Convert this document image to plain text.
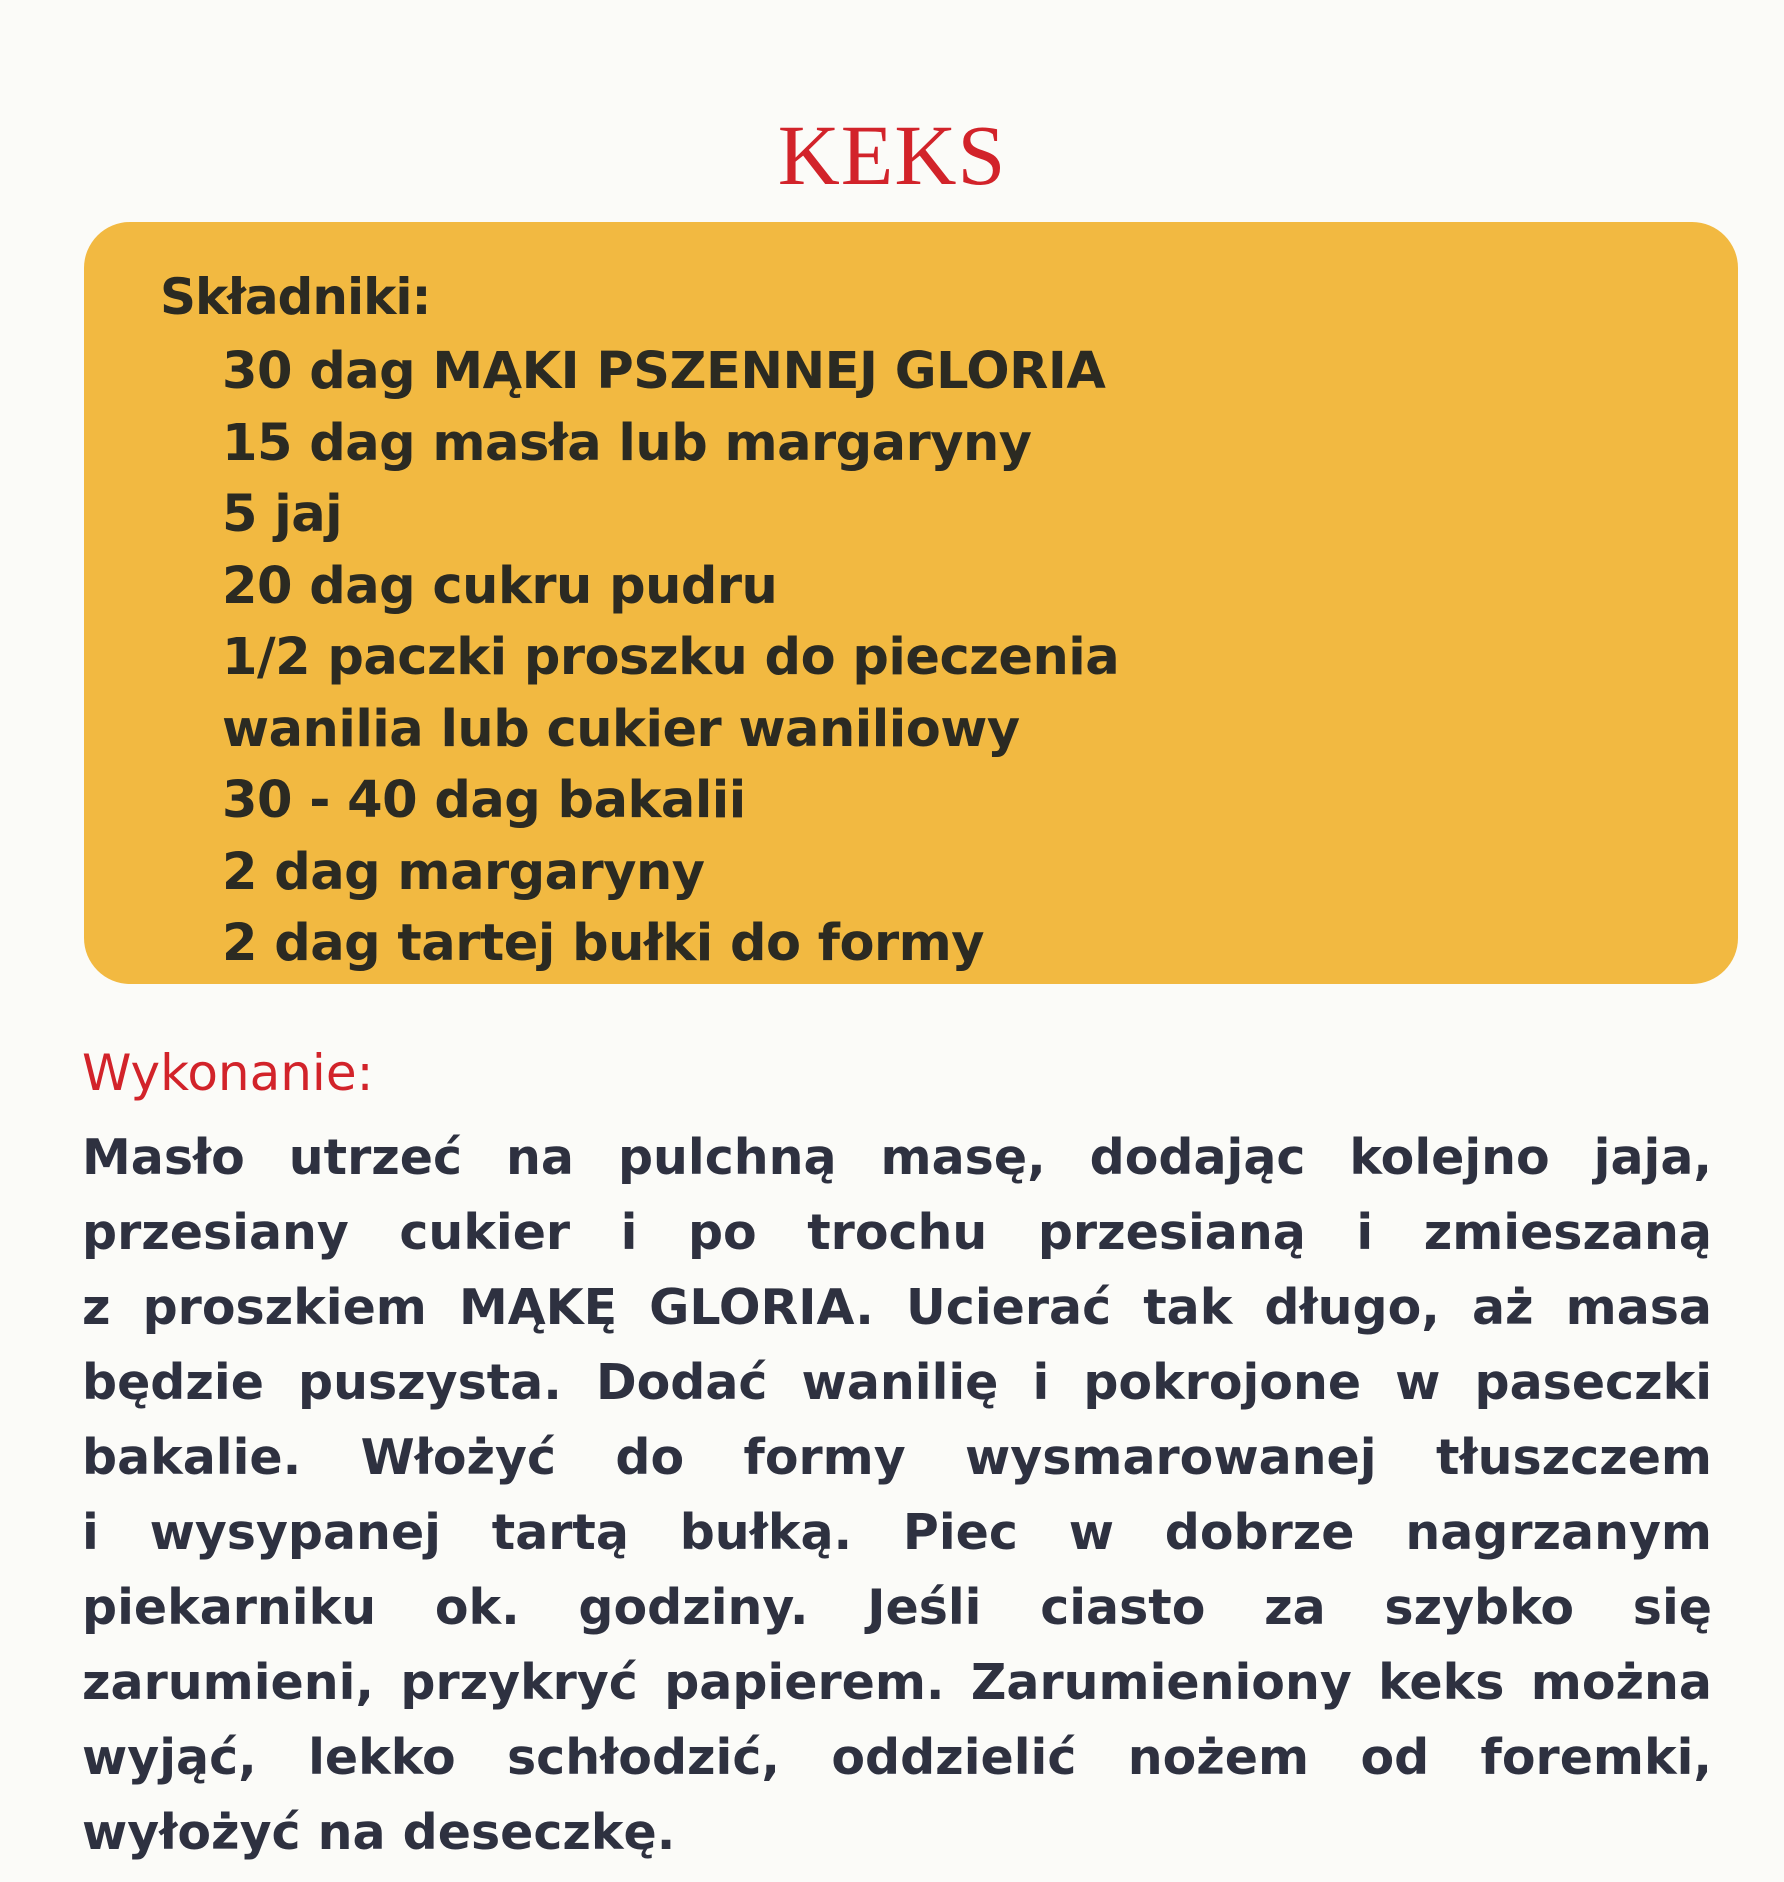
KEKS
Składniki:
30 dag MĄKI PSZENNEJ GLORIA
15 dag masła lub margaryny
5 jaj
20 dag cukru pudru
1/2 paczki proszku do pieczenia
wanilia lub cukier waniliowy
30 - 40 dag bakalii
2 dag margaryny
2 dag tartej bułki do formy
Wykonanie:
Masło utrzeć na pulchną masę, dodając kolejno jaja,
przesiany cukier i po trochu przesianą i zmieszaną
z proszkiem MĄKĘ GLORIA. Ucierać tak długo, aż masa
będzie puszysta. Dodać wanilię i pokrojone w paseczki
bakalie. Włożyć do formy wysmarowanej tłuszczem
i wysypanej tartą bułką. Piec w dobrze nagrzanym
piekarniku ok. godziny. Jeśli ciasto za szybko się
zarumieni, przykryć papierem. Zarumieniony keks można
wyjąć, lekko schłodzić, oddzielić nożem od foremki,
wyłożyć na deseczkę.
